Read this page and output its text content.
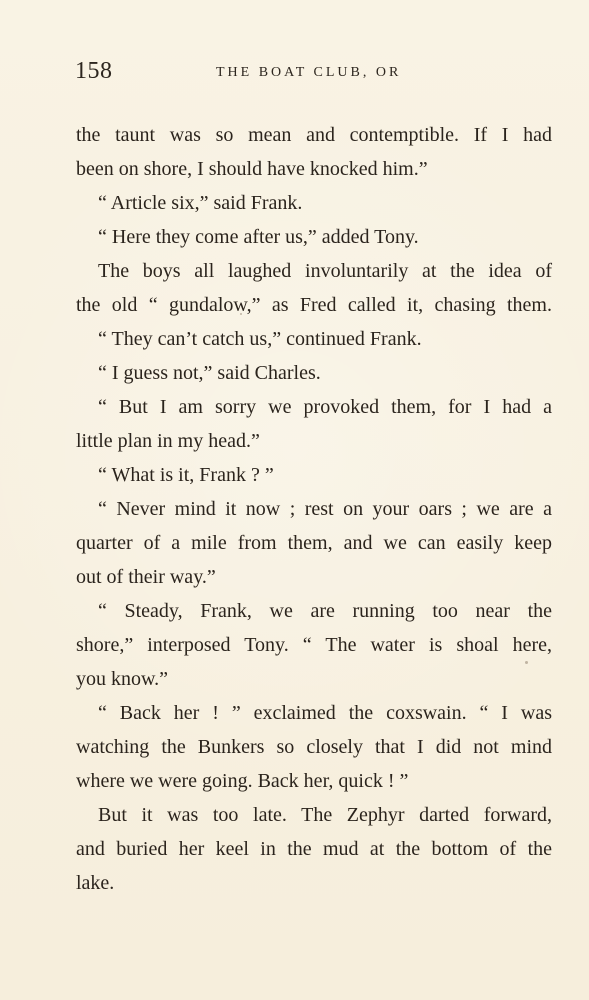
158	THE BOAT CLUB, OR
the taunt was so mean and contemptible. If I had
been on shore, I should have knocked him.”
“ Article six,” said Frank.
“ Here they come after us,” added Tony.
The boys all laughed involuntarily at the idea of
the old “ gundalow,” as Fred called it, chasing them.
“ They can’t catch us,” continued Frank.
“ I guess not,” said Charles.
“ But I am sorry we provoked them, for I had a
little plan in my head.”
“ What is it, Frank ? ”
“ Never mind it now ; rest on your oars ; we are a
quarter of a mile from them, and we can easily keep
out of their way.”
“ Steady, Frank, we are running too near the
shore,” interposed Tony. “ The water is shoal here,
you know.”
“ Back her ! ” exclaimed the coxswain. “ I was
watching the Bunkers so closely that I did not mind
where we were going. Back her, quick ! ”
But it was too late. The Zephyr darted forward,
and buried her keel in the mud at the bottom of the
lake.
